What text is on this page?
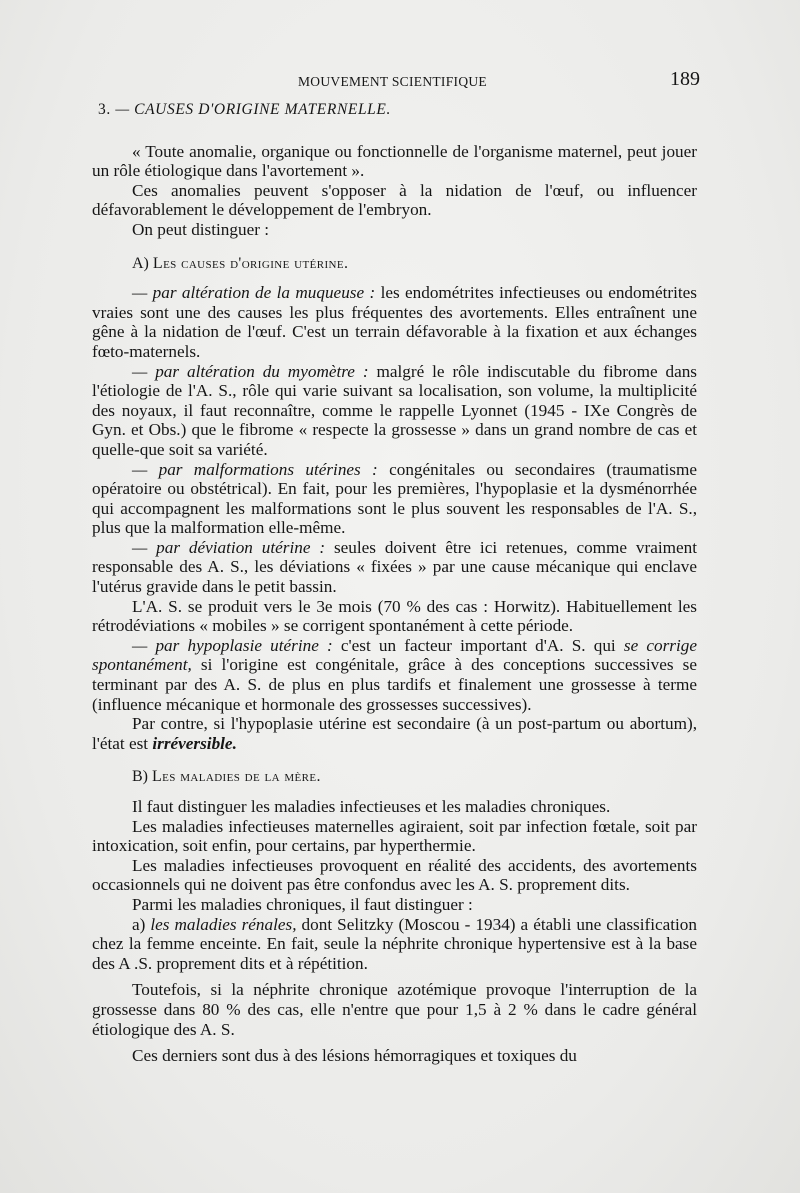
MOUVEMENT SCIENTIFIQUE	189
3. — CAUSES D'ORIGINE MATERNELLE.

« Toute anomalie, organique ou fonctionnelle de l'organisme maternel, peut jouer un rôle étiologique dans l'avortement ».

Ces anomalies peuvent s'opposer à la nidation de l'œuf, ou influencer défavorablement le développement de l'embryon.

On peut distinguer :

A) Les causes d'origine utérine.

— par altération de la muqueuse : les endométrites infectieuses ou endométrites vraies sont une des causes les plus fréquentes des avortements. Elles entraînent une gêne à la nidation de l'œuf. C'est un terrain défavorable à la fixation et aux échanges fœto-maternels.

— par altération du myomètre : malgré le rôle indiscutable du fibrome dans l'étiologie de l'A. S., rôle qui varie suivant sa localisation, son volume, la multiplicité des noyaux, il faut reconnaître, comme le rappelle Lyonnet (1945 - IXe Congrès de Gyn. et Obs.) que le fibrome « respecte la grossesse » dans un grand nombre de cas et quelle-que soit sa variété.

— par malformations utérines : congénitales ou secondaires (traumatisme opératoire ou obstétrical). En fait, pour les premières, l'hypoplasie et la dysménorrhée qui accompagnent les malformations sont le plus souvent les responsables de l'A. S., plus que la malformation elle-même.

— par déviation utérine : seules doivent être ici retenues, comme vraiment responsable des A. S., les déviations « fixées » par une cause mécanique qui enclave l'utérus gravide dans le petit bassin.

L'A. S. se produit vers le 3e mois (70 % des cas : Horwitz). Habituellement les rétrodéviations « mobiles » se corrigent spontanément à cette période.

— par hypoplasie utérine : c'est un facteur important d'A. S. qui se corrige spontanément, si l'origine est congénitale, grâce à des conceptions successives se terminant par des A. S. de plus en plus tardifs et finalement une grossesse à terme (influence mécanique et hormonale des grossesses successives).

Par contre, si l'hypoplasie utérine est secondaire (à un post-partum ou abortum), l'état est irréversible.

B) Les maladies de la mère.

Il faut distinguer les maladies infectieuses et les maladies chroniques.

Les maladies infectieuses maternelles agiraient, soit par infection fœtale, soit par intoxication, soit enfin, pour certains, par hyperthermie.

Les maladies infectieuses provoquent en réalité des accidents, des avortements occasionnels qui ne doivent pas être confondus avec les A. S. proprement dits.

Parmi les maladies chroniques, il faut distinguer :

a) les maladies rénales, dont Selitzky (Moscou - 1934) a établi une classification chez la femme enceinte. En fait, seule la néphrite chronique hypertensive est à la base des A .S. proprement dits et à répétition.

Toutefois, si la néphrite chronique azotémique provoque l'interruption de la grossesse dans 80 % des cas, elle n'entre que pour 1,5 à 2 % dans le cadre général étiologique des A. S.

Ces derniers sont dus à des lésions hémorragiques et toxiques du
